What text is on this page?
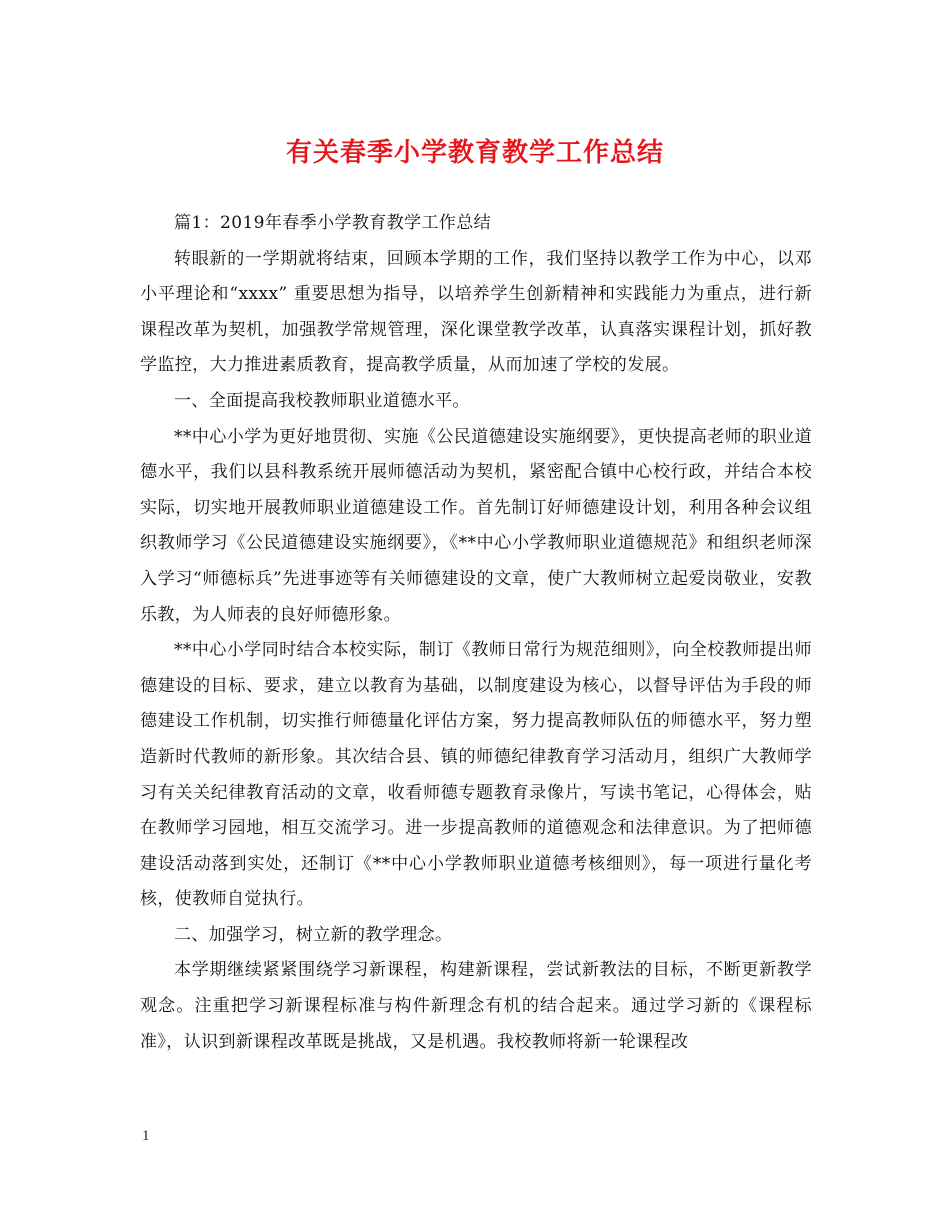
有关春季小学教育教学工作总结

篇1：2019年春季小学教育教学工作总结

转眼新的一学期就将结束，回顾本学期的工作，我们坚持以教学工作为中心，以邓小平理论和“xxxx” 重要思想为指导，以培养学生创新精神和实践能力为重点，进行新课程改革为契机，加强教学常规管理，深化课堂教学改革，认真落实课程计划，抓好教学监控，大力推进素质教育，提高教学质量，从而加速了学校的发展。

一、全面提高我校教师职业道德水平。

**中心小学为更好地贯彻、实施《公民道德建设实施纲要》，更快提高老师的职业道德水平，我们以县科教系统开展师德活动为契机，紧密配合镇中心校行政，并结合本校实际，切实地开展教师职业道德建设工作。首先制订好师德建设计划，利用各种会议组织教师学习《公民道德建设实施纲要》，《**中心小学教师职业道德规范》和组织老师深入学习“师德标兵”先进事迹等有关师德建设的文章，使广大教师树立起爱岗敬业，安教乐教，为人师表的良好师德形象。

**中心小学同时结合本校实际，制订《教师日常行为规范细则》，向全校教师提出师德建设的目标、要求，建立以教育为基础，以制度建设为核心，以督导评估为手段的师德建设工作机制，切实推行师德量化评估方案，努力提高教师队伍的师德水平，努力塑造新时代教师的新形象。其次结合县、镇的师德纪律教育学习活动月，组织广大教师学习有关关纪律教育活动的文章，收看师德专题教育录像片，写读书笔记，心得体会，贴在教师学习园地，相互交流学习。进一步提高教师的道德观念和法律意识。为了把师德建设活动落到实处，还制订《**中心小学教师职业道德考核细则》，每一项进行量化考核，使教师自觉执行。

二、加强学习，树立新的教学理念。

本学期继续紧紧围绕学习新课程，构建新课程，尝试新教法的目标，不断更新教学观念。注重把学习新课程标准与构件新理念有机的结合起来。通过学习新的《课程标准》，认识到新课程改革既是挑战，又是机遇。我校教师将新一轮课程改

1
